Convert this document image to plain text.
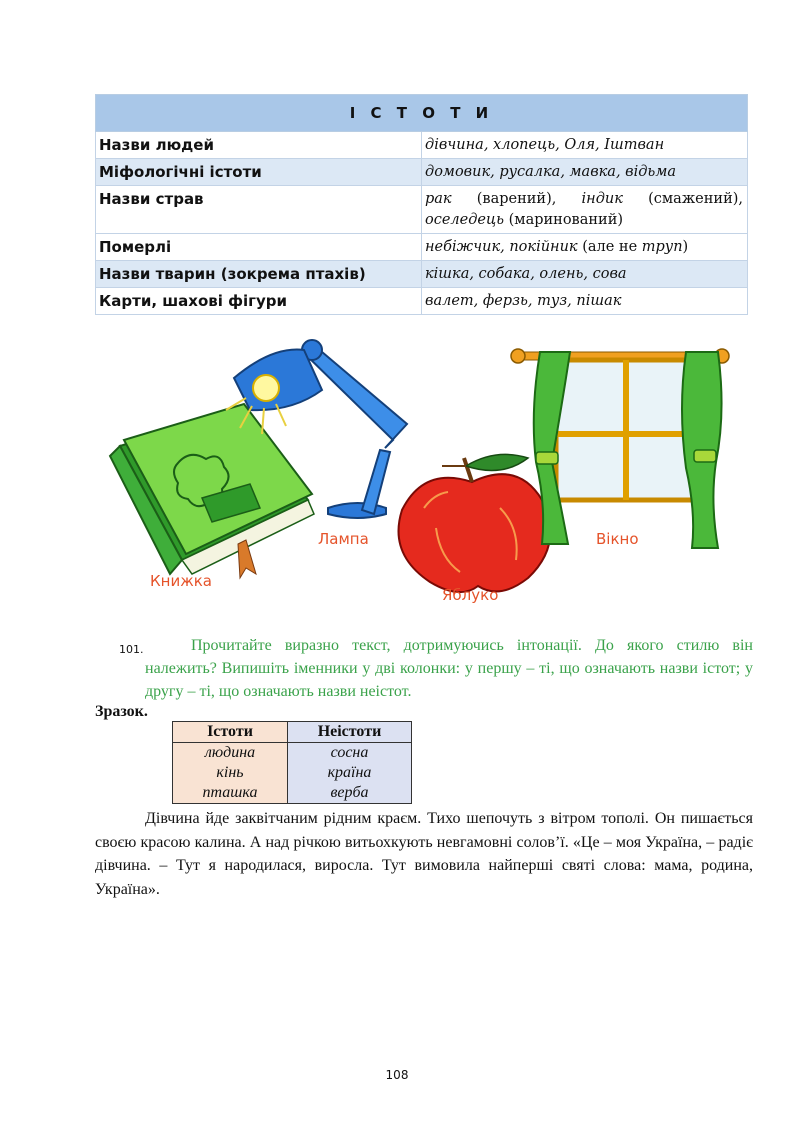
І С Т О Т И	
Назви людей	дівчина, хлопець, Оля, Іштван
Міфологічні істоти	домовик, русалка, мавка, відьма
Назви страв	рак (варений), індик (смажений), оселедець (маринований)
Померлі	небіжчик, покійник (але не труп)
Назви тварин (зокрема птахів)	кішка, собака, олень, сова
Карти, шахові фігури	валет, ферзь, туз, пішак
Книжка
Лампа
Яблуко
Вікно
101.	Прочитайте виразно текст, дотримуючись інтонації. До якого стилю він належить? Випишіть іменники у дві колонки: у першу – ті, що означають назви істот; у другу – ті, що означають назви неістот.
Зразок.
Істоти	Неістоти
людина	сосна
кінь	країна
пташка	верба
Дівчина йде заквітчаним рідним краєм. Тихо шепочуть з вітром тополі. Он пишається своєю красою калина. А над річкою витьохкують невгамовні солов’ї. «Це – моя Україна, – радіє дівчина. – Тут я народилася, виросла. Тут вимовила найперші святі слова: мама, родина, Україна».
108
